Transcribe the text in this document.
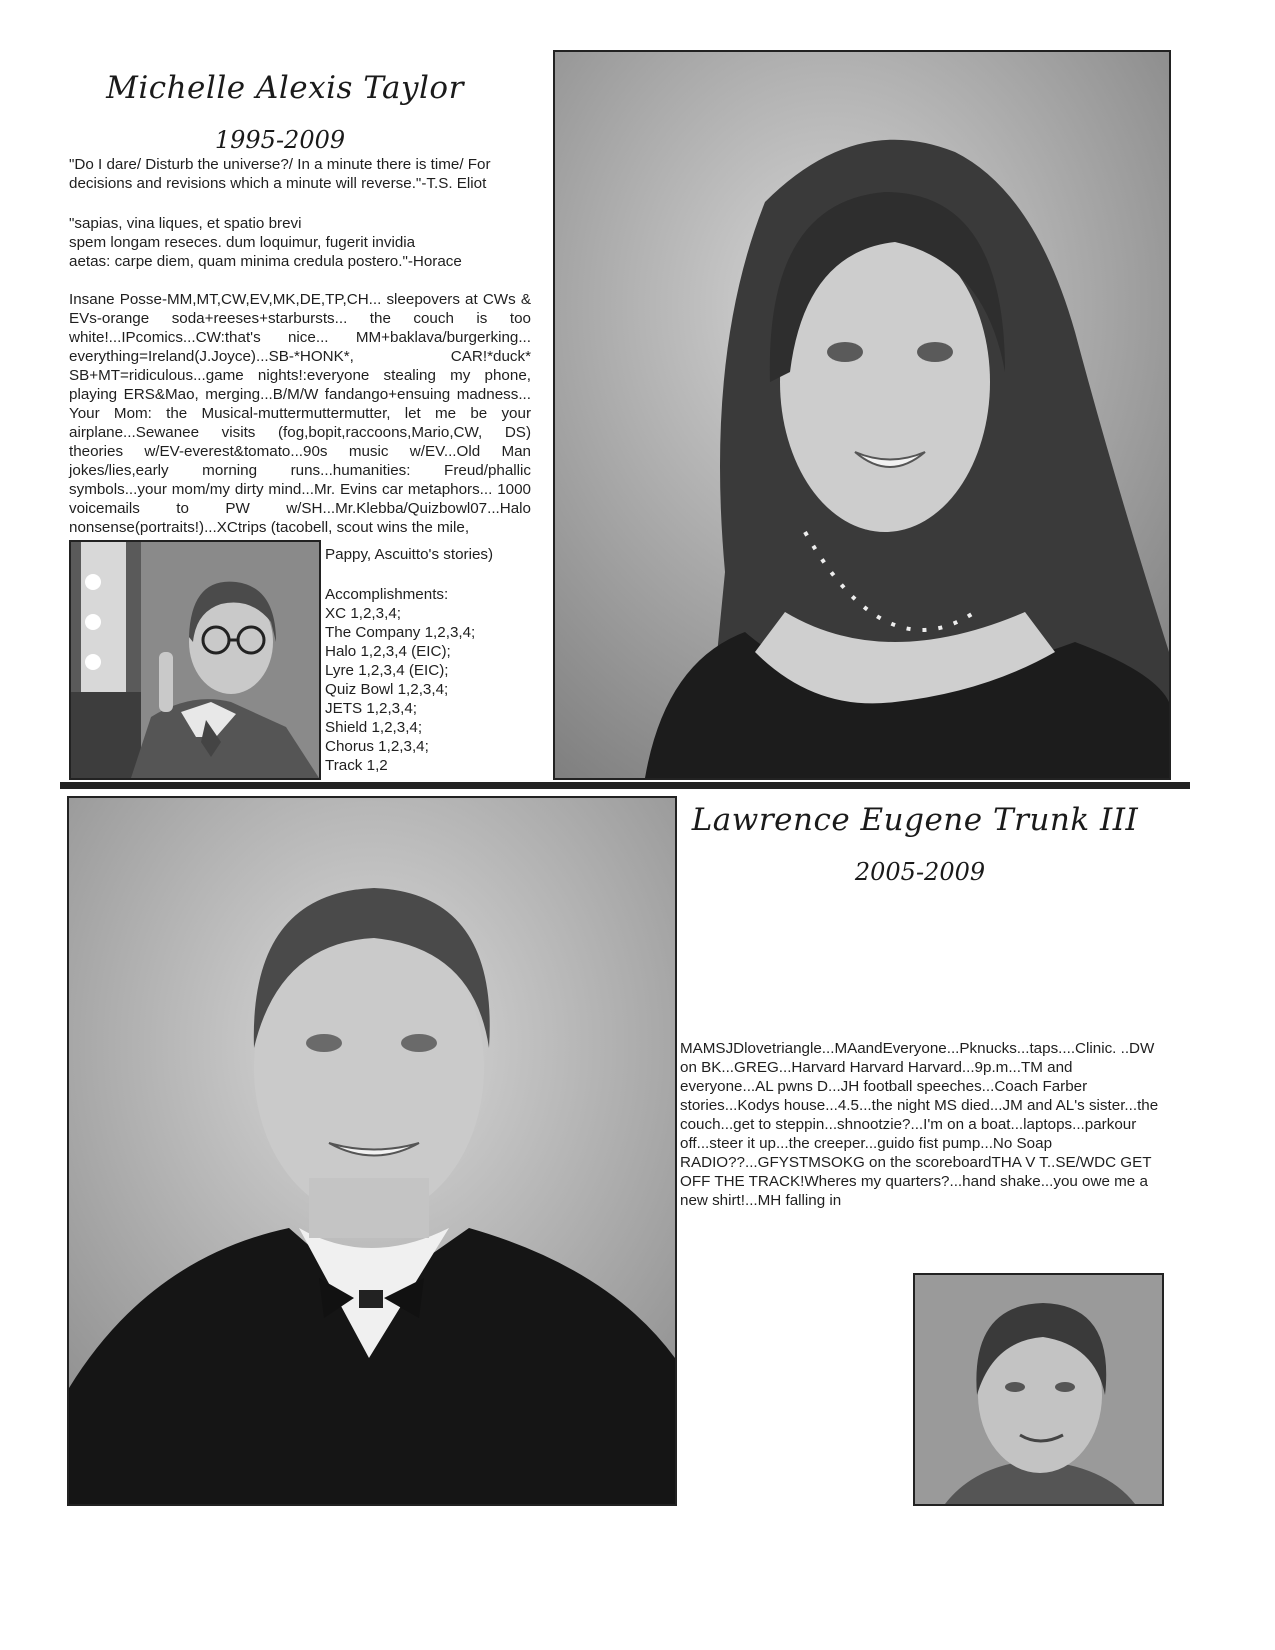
Michelle Alexis Taylor
1995-2009
"Do I dare/ Disturb the universe?/ In a minute there is time/ For decisions and revisions which a minute will reverse."-T.S. Eliot

"sapias, vina liques, et spatio brevi

spem longam reseces. dum loquimur, fugerit invidia

aetas: carpe diem, quam minima credula postero."-Horace

Insane Posse-MM,MT,CW,EV,MK,DE,TP,CH... sleepovers at CWs & EVs-orange soda+reeses+starbursts... the couch is too white!...IPcomics...CW:that's nice... MM+baklava/burgerking... everything=Ireland(J.Joyce)...SB-*HONK*, CAR!*duck* SB+MT=ridiculous...game nights!:everyone stealing my phone, playing ERS&Mao, merging...B/M/W fandango+ensuing madness... Your Mom: the Musical-muttermuttermutter, let me be your airplane...Sewanee visits (fog,bopit,raccoons,Mario,CW, DS) theories w/EV-everest&tomato...90s music w/EV...Old Man jokes/lies,early morning runs...humanities: Freud/phallic symbols...your mom/my dirty mind...Mr. Evins car metaphors... 1000 voicemails to PW w/SH...Mr.Klebba/Quizbowl07...Halo nonsense(portraits!)...XCtrips (tacobell, scout wins the mile,
Pappy, Ascuitto's stories)

Accomplishments:

XC 1,2,3,4;
The Company 1,2,3,4;
Halo 1,2,3,4 (EIC);
Lyre 1,2,3,4 (EIC);
Quiz Bowl 1,2,3,4;
JETS 1,2,3,4;
Shield 1,2,3,4;
Chorus 1,2,3,4;
Track 1,2
Lawrence Eugene Trunk III
2005-2009
MAMSJDlovetriangle...MAandEveryone...Pknucks...taps....Clinic. ..DW on BK...GREG...Harvard Harvard Harvard...9p.m...TM and everyone...AL pwns D...JH football speeches...Coach Farber stories...Kodys house...4.5...the night MS died...JM and AL's sister...the couch...get to steppin...shnootzie?...I'm on a boat...laptops...parkour off...steer it up...the creeper...guido fist pump...No Soap RADIO??...GFYSTMSOKG on the scoreboardTHA V T..SE/WDC GET OFF THE TRACK!Wheres my quarters?...hand shake...you owe me a new shirt!...MH falling in
